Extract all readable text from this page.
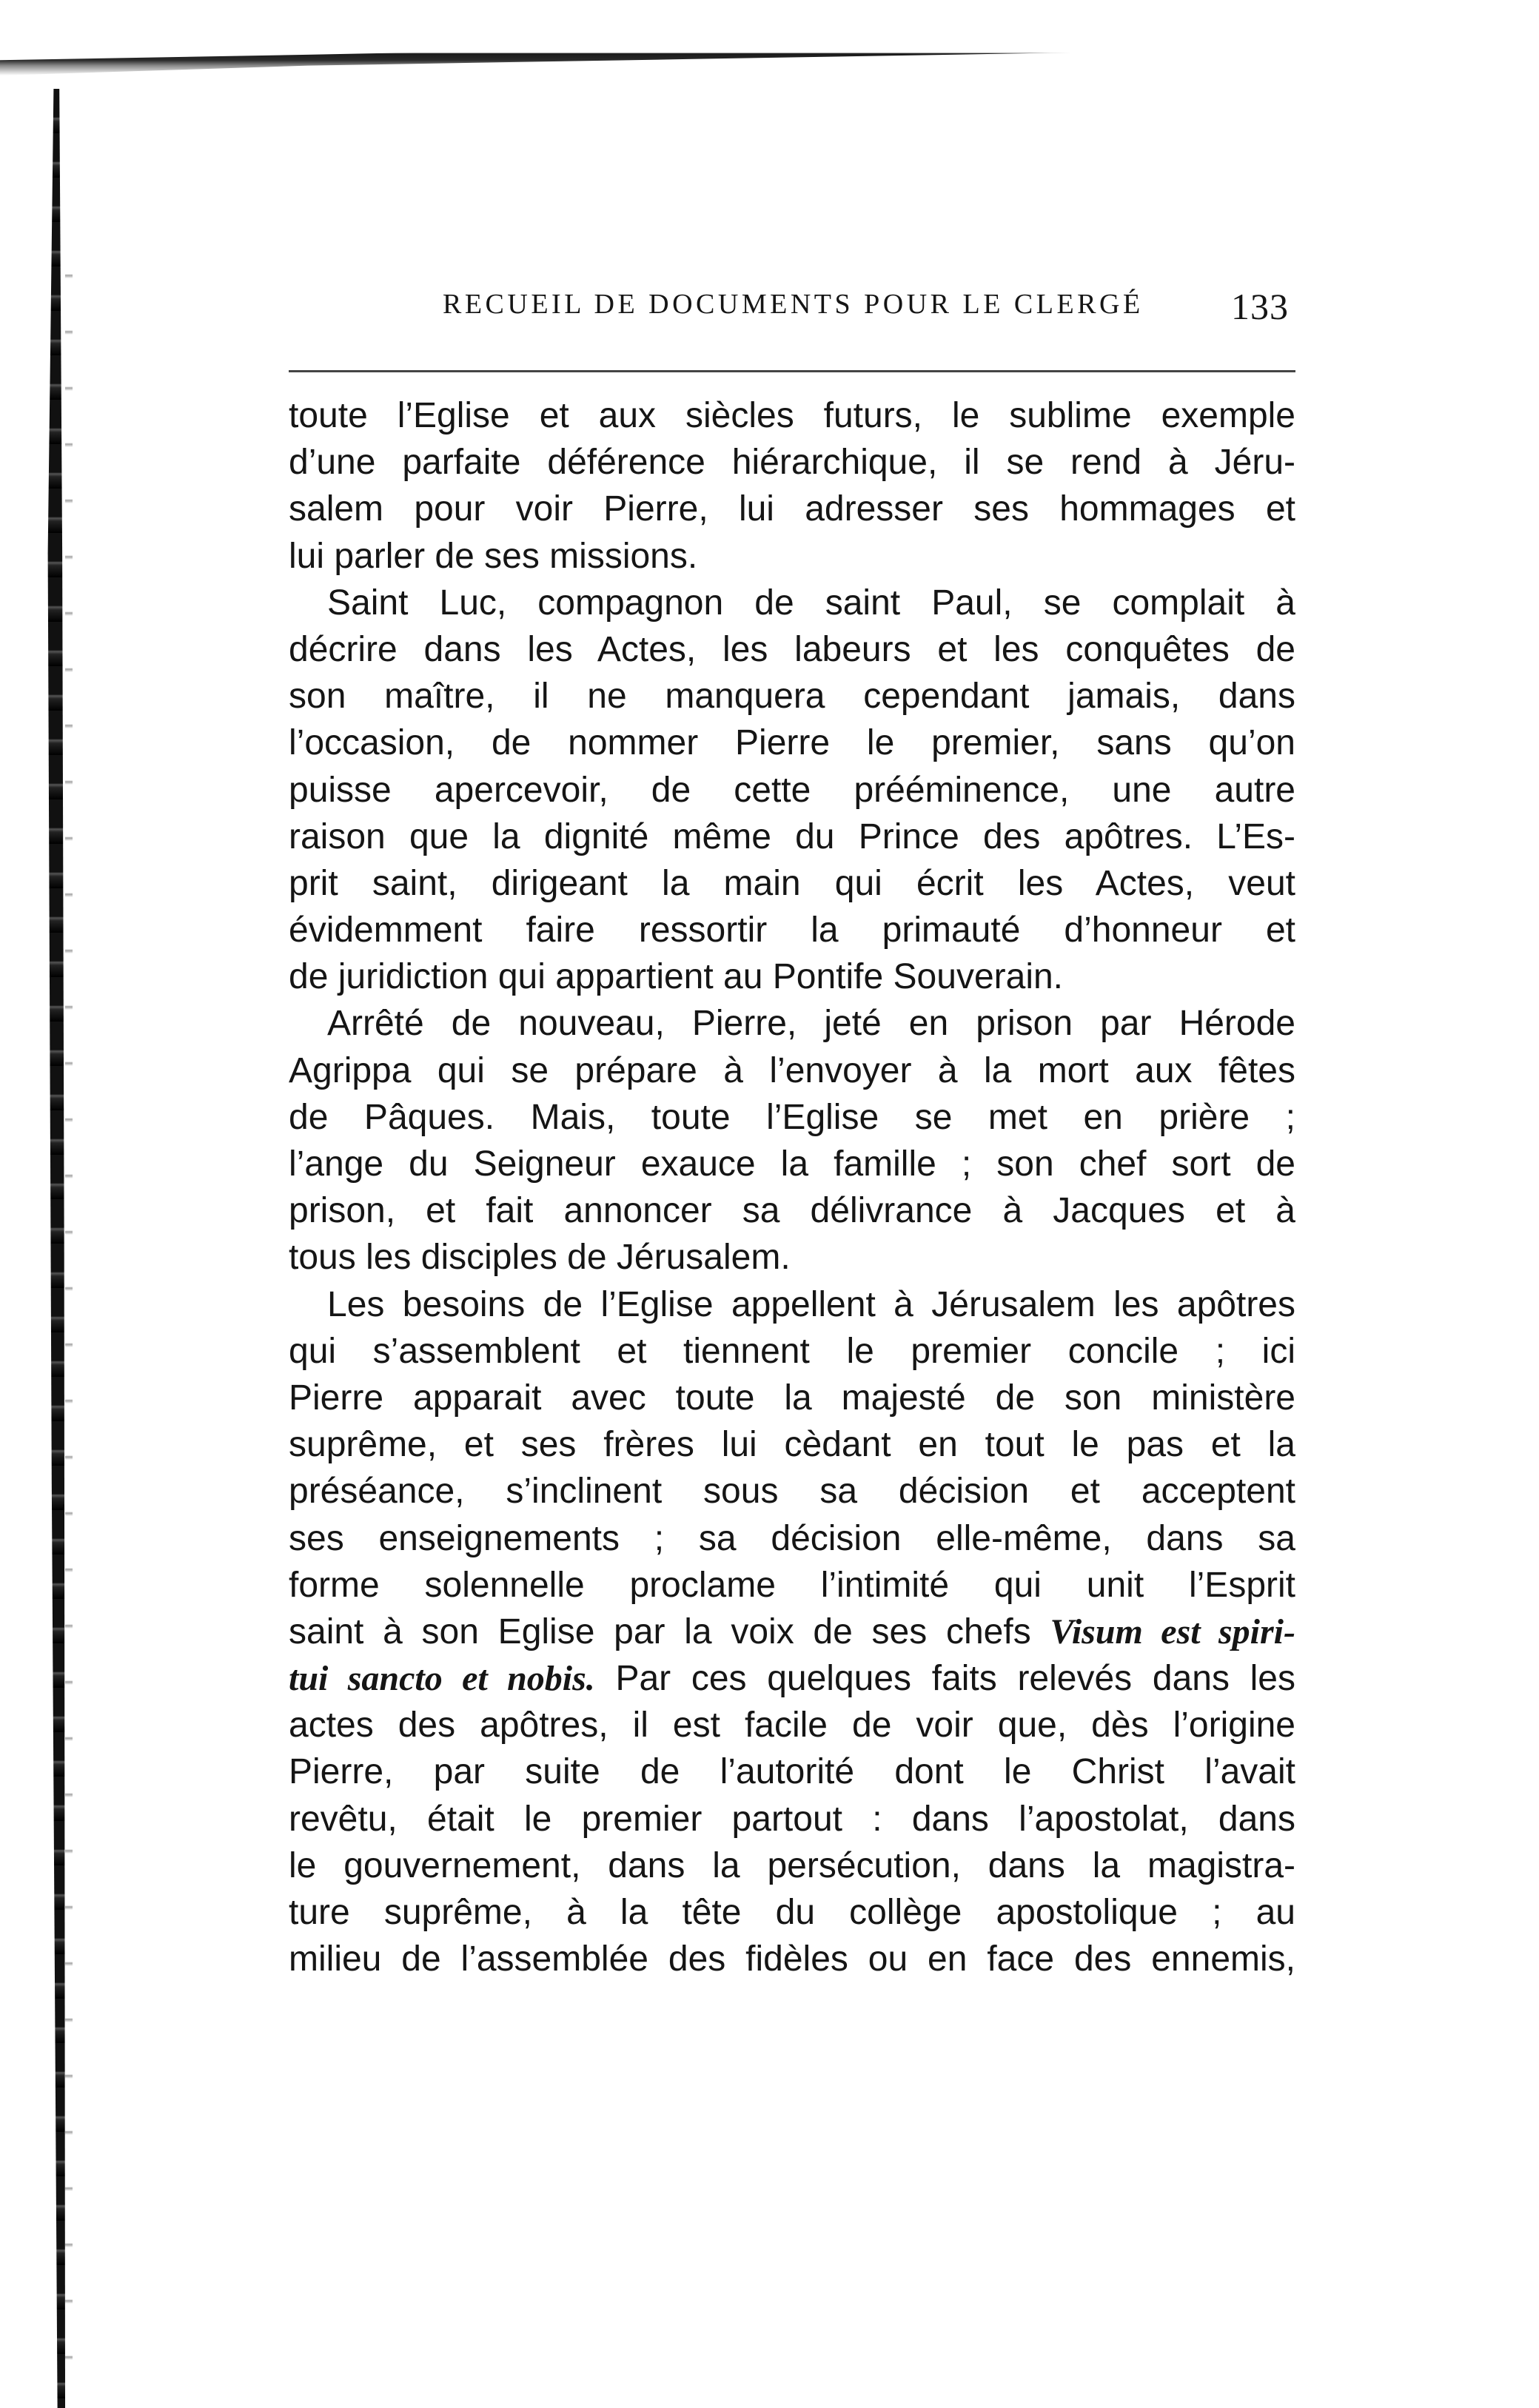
RECUEIL DE DOCUMENTS POUR LE CLERGÉ 133
toute l’Eglise et aux siècles futurs, le sublime exemple
d’une parfaite déférence hiérarchique, il se rend à Jéru-
salem pour voir Pierre, lui adresser ses hommages et
lui parler de ses missions.
Saint Luc, compagnon de saint Paul, se complait à
décrire dans les Actes, les labeurs et les conquêtes de
son maître, il ne manquera cependant jamais, dans
l’occasion, de nommer Pierre le premier, sans qu’on
puisse apercevoir, de cette prééminence, une autre
raison que la dignité même du Prince des apôtres. L’Es-
prit saint, dirigeant la main qui écrit les Actes, veut
évidemment faire ressortir la primauté d’honneur et
de juridiction qui appartient au Pontife Souverain.
Arrêté de nouveau, Pierre, jeté en prison par Hérode
Agrippa qui se prépare à l’envoyer à la mort aux fêtes
de Pâques. Mais, toute l’Eglise se met en prière ;
l’ange du Seigneur exauce la famille ; son chef sort de
prison, et fait annoncer sa délivrance à Jacques et à
tous les disciples de Jérusalem.
Les besoins de l’Eglise appellent à Jérusalem les apôtres
qui s’assemblent et tiennent le premier concile ; ici
Pierre apparait avec toute la majesté de son ministère
suprême, et ses frères lui cèdant en tout le pas et la
préséance, s’inclinent sous sa décision et acceptent
ses enseignements ; sa décision elle-même, dans sa
forme solennelle proclame l’intimité qui unit l’Esprit
saint à son Eglise par la voix de ses chefs Visum est spiri-
tui sancto et nobis. Par ces quelques faits relevés dans les
actes des apôtres, il est facile de voir que, dès l’origine
Pierre, par suite de l’autorité dont le Christ l’avait
revêtu, était le premier partout : dans l’apostolat, dans
le gouvernement, dans la persécution, dans la magistra-
ture suprême, à la tête du collège apostolique ; au
milieu de l’assemblée des fidèles ou en face des ennemis,
